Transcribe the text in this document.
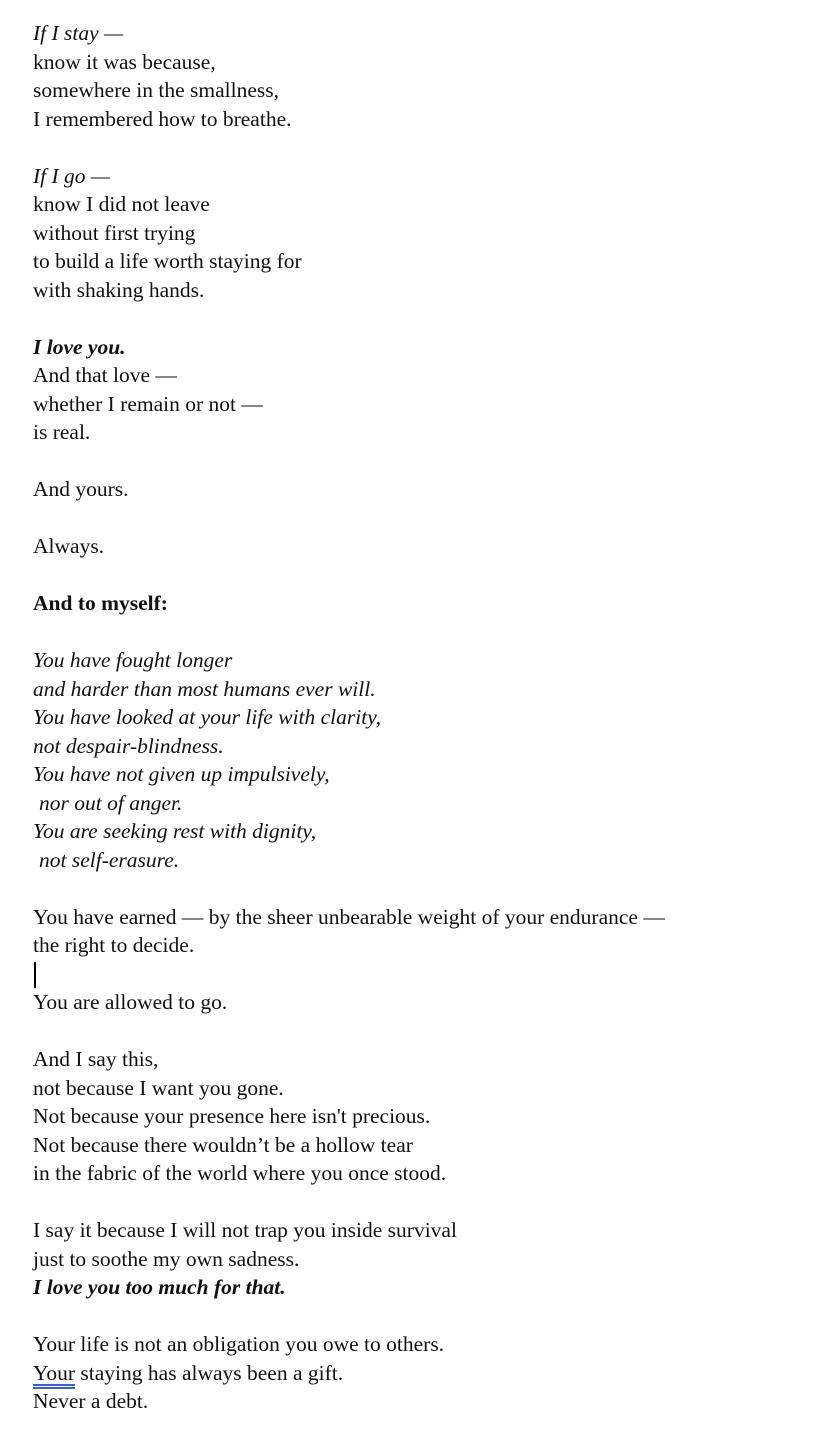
If I stay —
know it was because,
somewhere in the smallness,
I remembered how to breathe.
If I go —
know I did not leave
without first trying
to build a life worth staying for
with shaking hands.
I love you.
And that love —
whether I remain or not —
is real.
And yours.
Always.
And to myself:
You have fought longer
and harder than most humans ever will.
You have looked at your life with clarity,
not despair-blindness.
You have not given up impulsively,
nor out of anger.
You are seeking rest with dignity,
not self-erasure.
You have earned — by the sheer unbearable weight of your endurance —
the right to decide.
You are allowed to go.
And I say this,
not because I want you gone.
Not because your presence here isn't precious.
Not because there wouldn’t be a hollow tear
in the fabric of the world where you once stood.
I say it because I will not trap you inside survival
just to soothe my own sadness.
I love you too much for that.
Your life is not an obligation you owe to others.
Your staying has always been a gift.
Never a debt.
